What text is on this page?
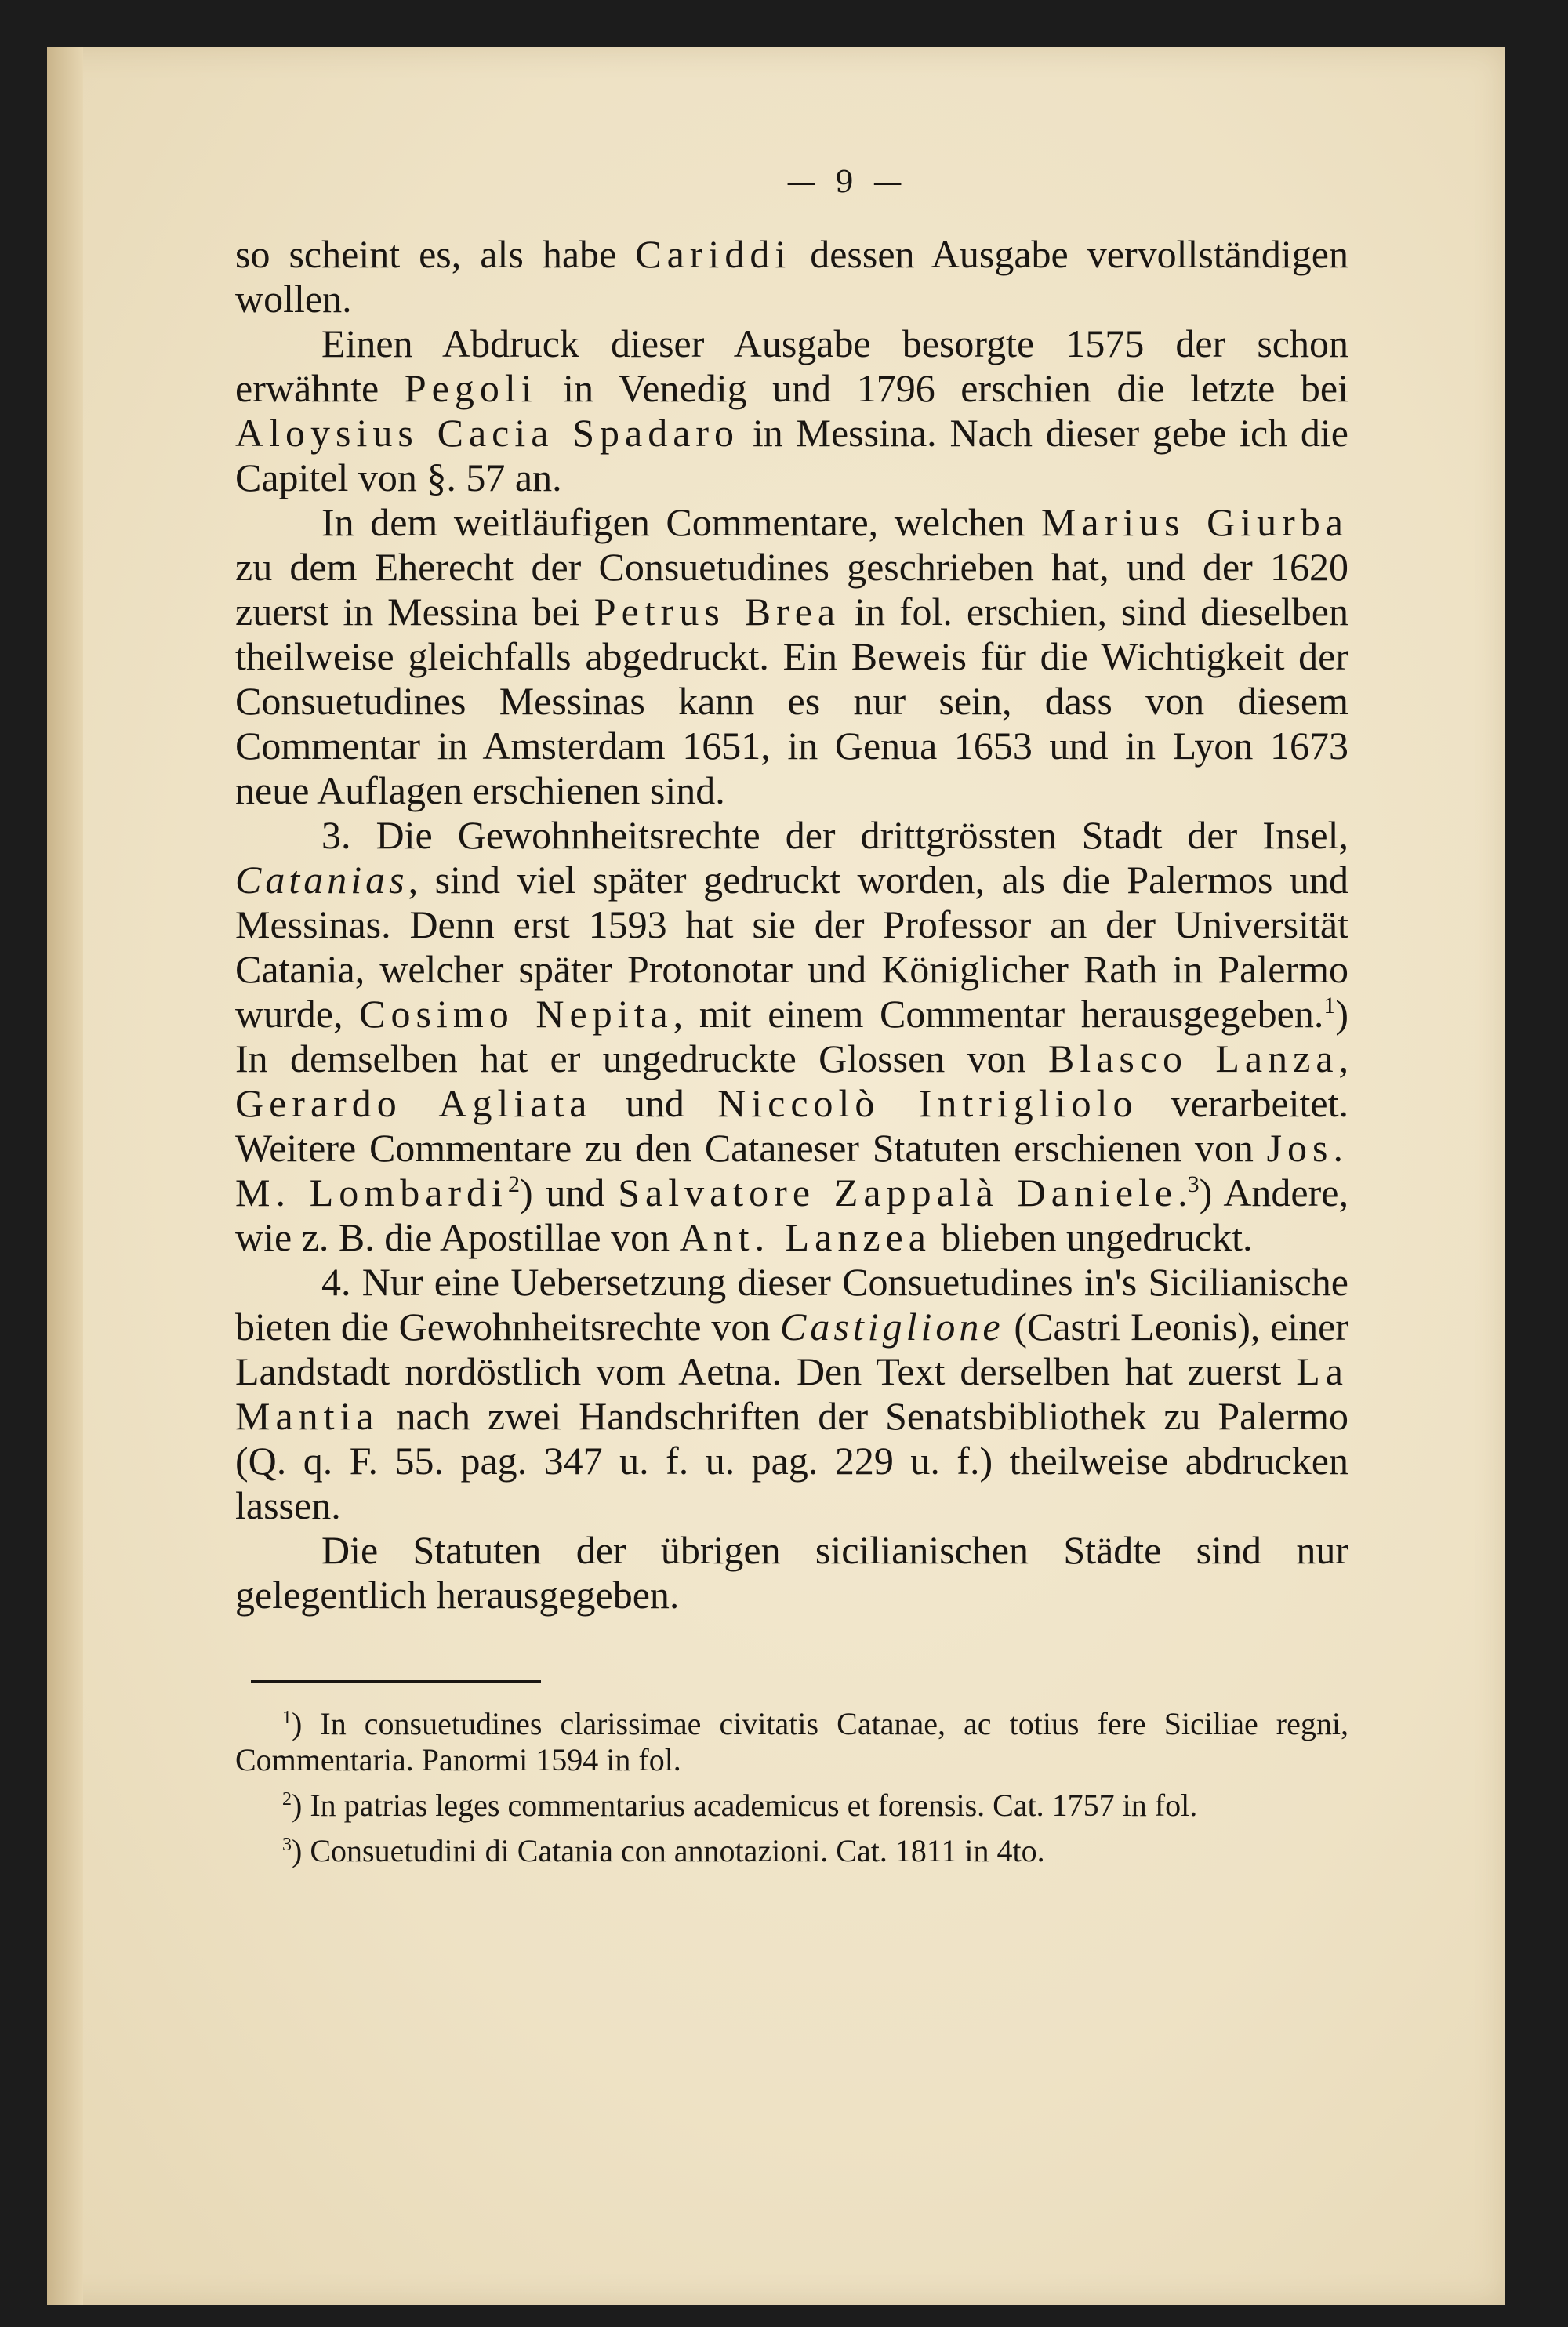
— 9 —

so scheint es, als habe Cariddi dessen Ausgabe vervollständigen wollen.

Einen Abdruck dieser Ausgabe besorgte 1575 der schon erwähnte Pegoli in Venedig und 1796 erschien die letzte bei Aloysius Cacia Spadaro in Messina. Nach dieser gebe ich die Capitel von §. 57 an.

In dem weitläufigen Commentare, welchen Marius Giurba zu dem Eherecht der Consuetudines geschrieben hat, und der 1620 zuerst in Messina bei Petrus Brea in fol. erschien, sind dieselben theilweise gleichfalls abgedruckt. Ein Beweis für die Wichtigkeit der Consuetudines Messinas kann es nur sein, dass von diesem Commentar in Amsterdam 1651, in Genua 1653 und in Lyon 1673 neue Auflagen erschienen sind.

3. Die Gewohnheitsrechte der drittgrössten Stadt der Insel, Catanias, sind viel später gedruckt worden, als die Palermos und Messinas. Denn erst 1593 hat sie der Professor an der Universität Catania, welcher später Protonotar und Königlicher Rath in Palermo wurde, Cosimo Nepita, mit einem Commentar herausgegeben.$^1$) In demselben hat er ungedruckte Glossen von Blasco Lanza, Gerardo Agliata und Niccolò Intrigliolo verarbeitet. Weitere Commentare zu den Cataneser Statuten erschienen von Jos. M. Lombardi$^2$) und Salvatore Zappalà Daniele.$^3$) Andere, wie z. B. die Apostillae von Ant. Lanzea blieben ungedruckt.

4. Nur eine Uebersetzung dieser Consuetudines in's Sicilianische bieten die Gewohnheitsrechte von Castiglione (Castri Leonis), einer Landstadt nordöstlich vom Aetna. Den Text derselben hat zuerst La Mantia nach zwei Handschriften der Senatsbibliothek zu Palermo (Q. q. F. 55. pag. 347 u. f. u. pag. 229 u. f.) theilweise abdrucken lassen.

Die Statuten der übrigen sicilianischen Städte sind nur gelegentlich herausgegeben.

$^1$) In consuetudines clarissimae civitatis Catanae, ac totius fere Siciliae regni, Commentaria. Panormi 1594 in fol.

$^2$) In patrias leges commentarius academicus et forensis. Cat. 1757 in fol.

$^3$) Consuetudini di Catania con annotazioni. Cat. 1811 in 4to.
